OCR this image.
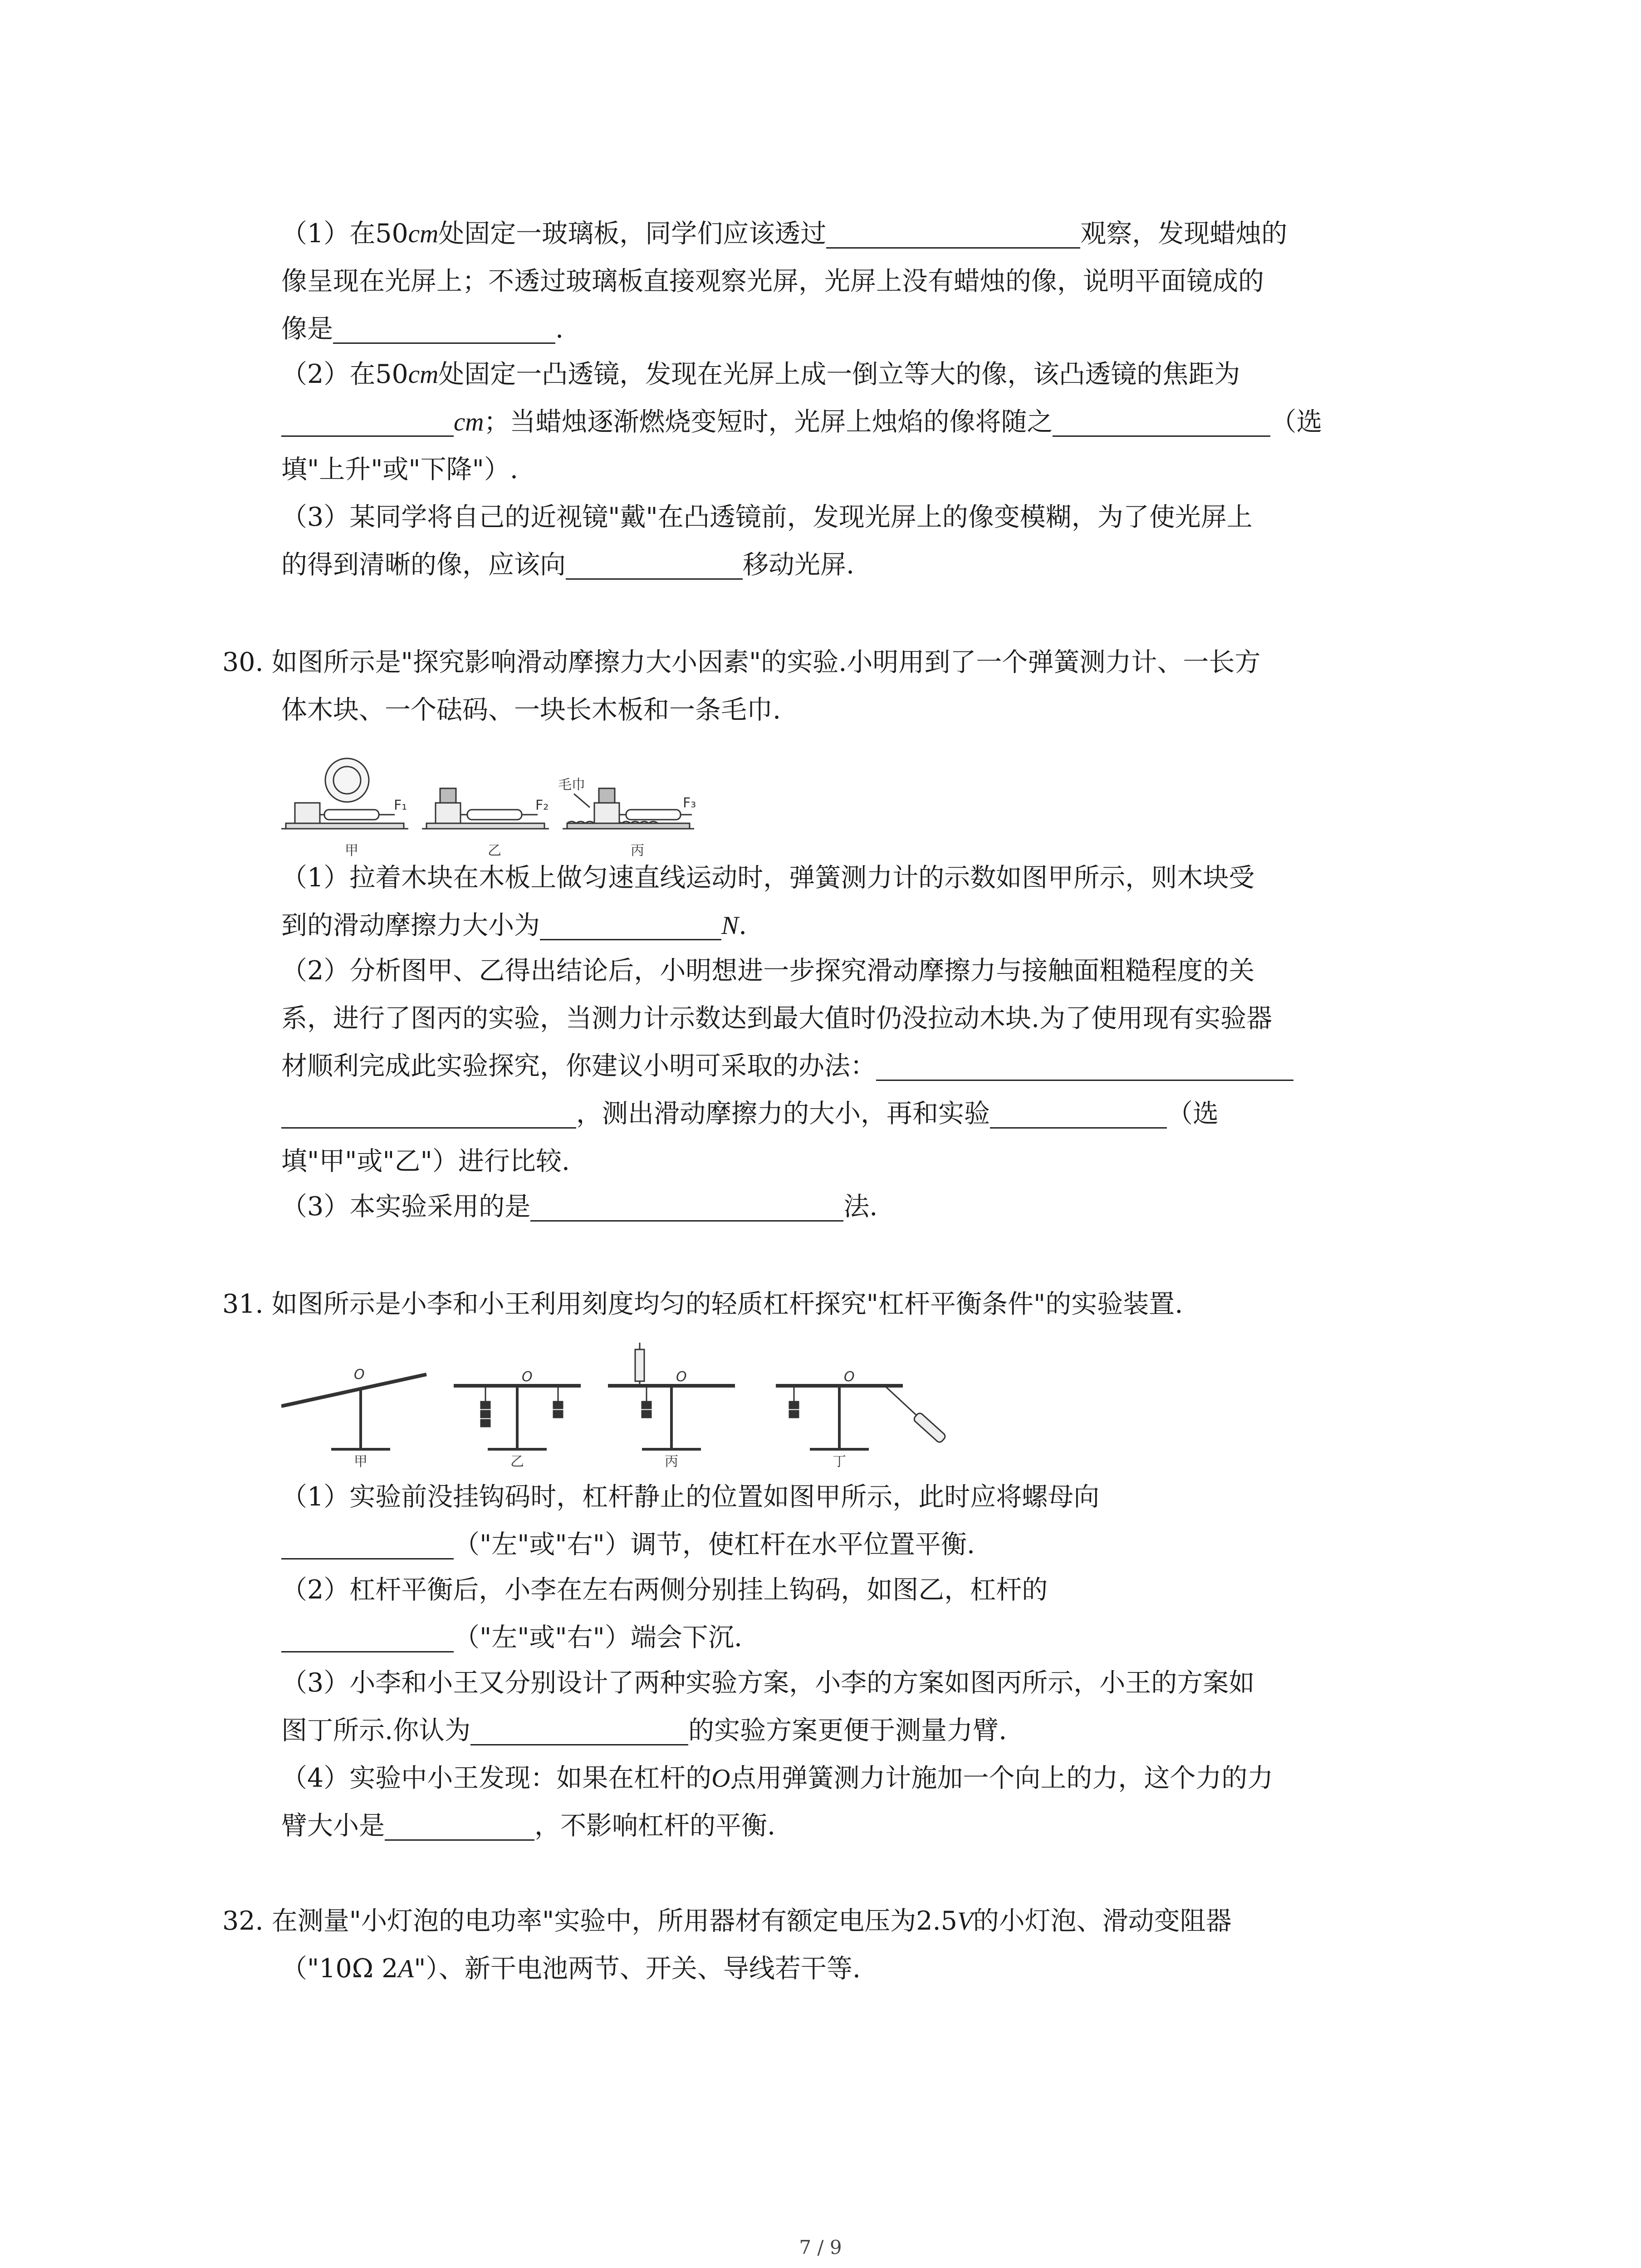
（1）在50cm处固定一玻璃板，同学们应该透过	观察，发现蜡烛的
像呈现在光屏上；不透过玻璃板直接观察光屏，光屏上没有蜡烛的像，说明平面镜成的
像是	.
（2）在50cm处固定一凸透镜，发现在光屏上成一倒立等大的像，该凸透镜的焦距为
cm；当蜡烛逐渐燃烧变短时，光屏上烛焰的像将随之	（选
填"上升"或"下降"）.
（3）某同学将自己的近视镜"戴"在凸透镜前，发现光屏上的像变模糊，为了使光屏上
的得到清晰的像，应该向	移动光屏.
30. 如图所示是"探究影响滑动摩擦力大小因素"的实验.小明用到了一个弹簧测力计、一长方
体木块、一个砝码、一块长木板和一条毛巾.
F₁	F₂	F₃
毛巾
甲	乙	丙
（1）拉着木块在木板上做匀速直线运动时，弹簧测力计的示数如图甲所示，则木块受
到的滑动摩擦力大小为	N.
（2）分析图甲、乙得出结论后，小明想进一步探究滑动摩擦力与接触面粗糙程度的关
系，进行了图丙的实验，当测力计示数达到最大值时仍没拉动木块.为了使用现有实验器
材顺利完成此实验探究，你建议小明可采取的办法：
，测出滑动摩擦力的大小，再和实验	（选
填"甲"或"乙"）进行比较.
（3）本实验采用的是	法.
31. 如图所示是小李和小王利用刻度均匀的轻质杠杆探究"杠杆平衡条件"的实验装置.
O	O	O	O
甲	乙	丙	丁
（1）实验前没挂钩码时，杠杆静止的位置如图甲所示，此时应将螺母向
（"左"或"右"）调节，使杠杆在水平位置平衡.
（2）杠杆平衡后，小李在左右两侧分别挂上钩码，如图乙，杠杆的
（"左"或"右"）端会下沉.
（3）小李和小王又分别设计了两种实验方案，小李的方案如图丙所示，小王的方案如
图丁所示.你认为	的实验方案更便于测量力臂.
（4）实验中小王发现：如果在杠杆的O点用弹簧测力计施加一个向上的力，这个力的力
臂大小是	，不影响杠杆的平衡.
32. 在测量"小灯泡的电功率"实验中，所用器材有额定电压为2.5V的小灯泡、滑动变阻器
（"10Ω 2A"）、新干电池两节、开关、导线若干等.
7 / 9
